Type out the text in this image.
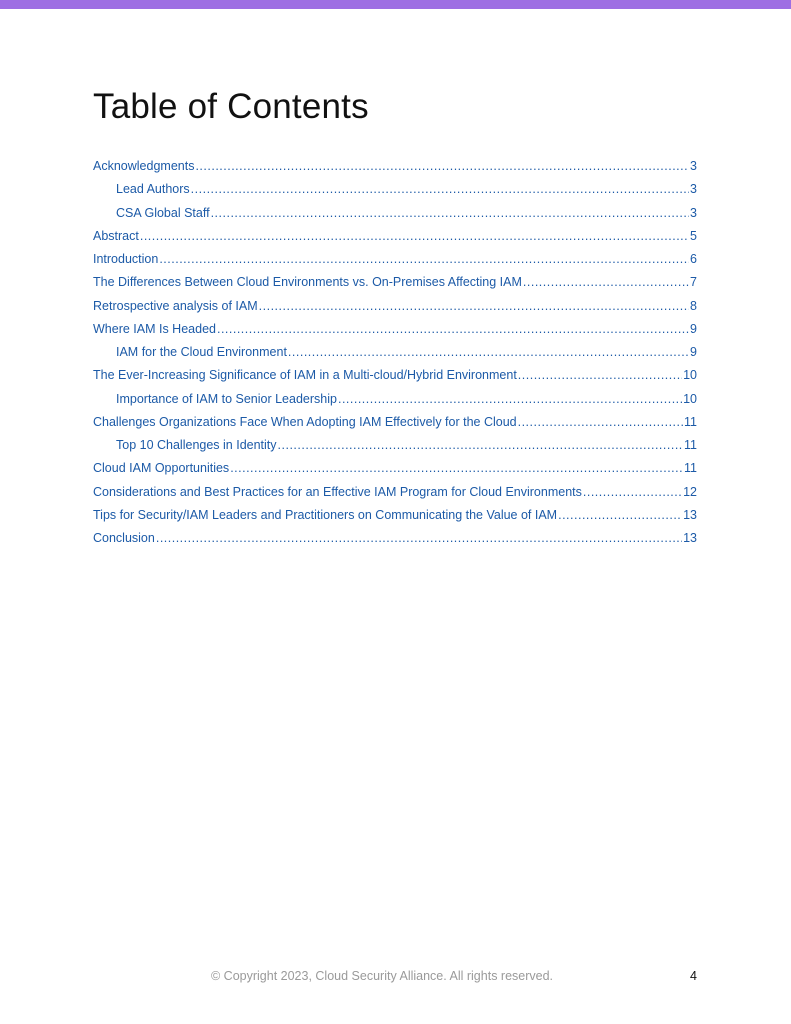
Table of Contents
Acknowledgments .....	3
Lead Authors .....	3
CSA Global Staff .....	3
Abstract .....	5
Introduction .....	6
The Differences Between Cloud Environments vs. On-Premises Affecting IAM .....	7
Retrospective analysis of IAM .....	8
Where IAM Is Headed .....	9
IAM for the Cloud Environment .....	9
The Ever-Increasing Significance of IAM in a Multi-cloud/Hybrid Environment .....	10
Importance of IAM to Senior Leadership .....	10
Challenges Organizations Face When Adopting IAM Effectively for the Cloud .....	11
Top 10 Challenges in Identity .....	11
Cloud IAM Opportunities .....	11
Considerations and Best Practices for an Effective IAM Program for Cloud Environments .....	12
Tips for Security/IAM Leaders and Practitioners on Communicating the Value of IAM .....	13
Conclusion .....	13
© Copyright 2023, Cloud Security Alliance. All rights reserved.	4
